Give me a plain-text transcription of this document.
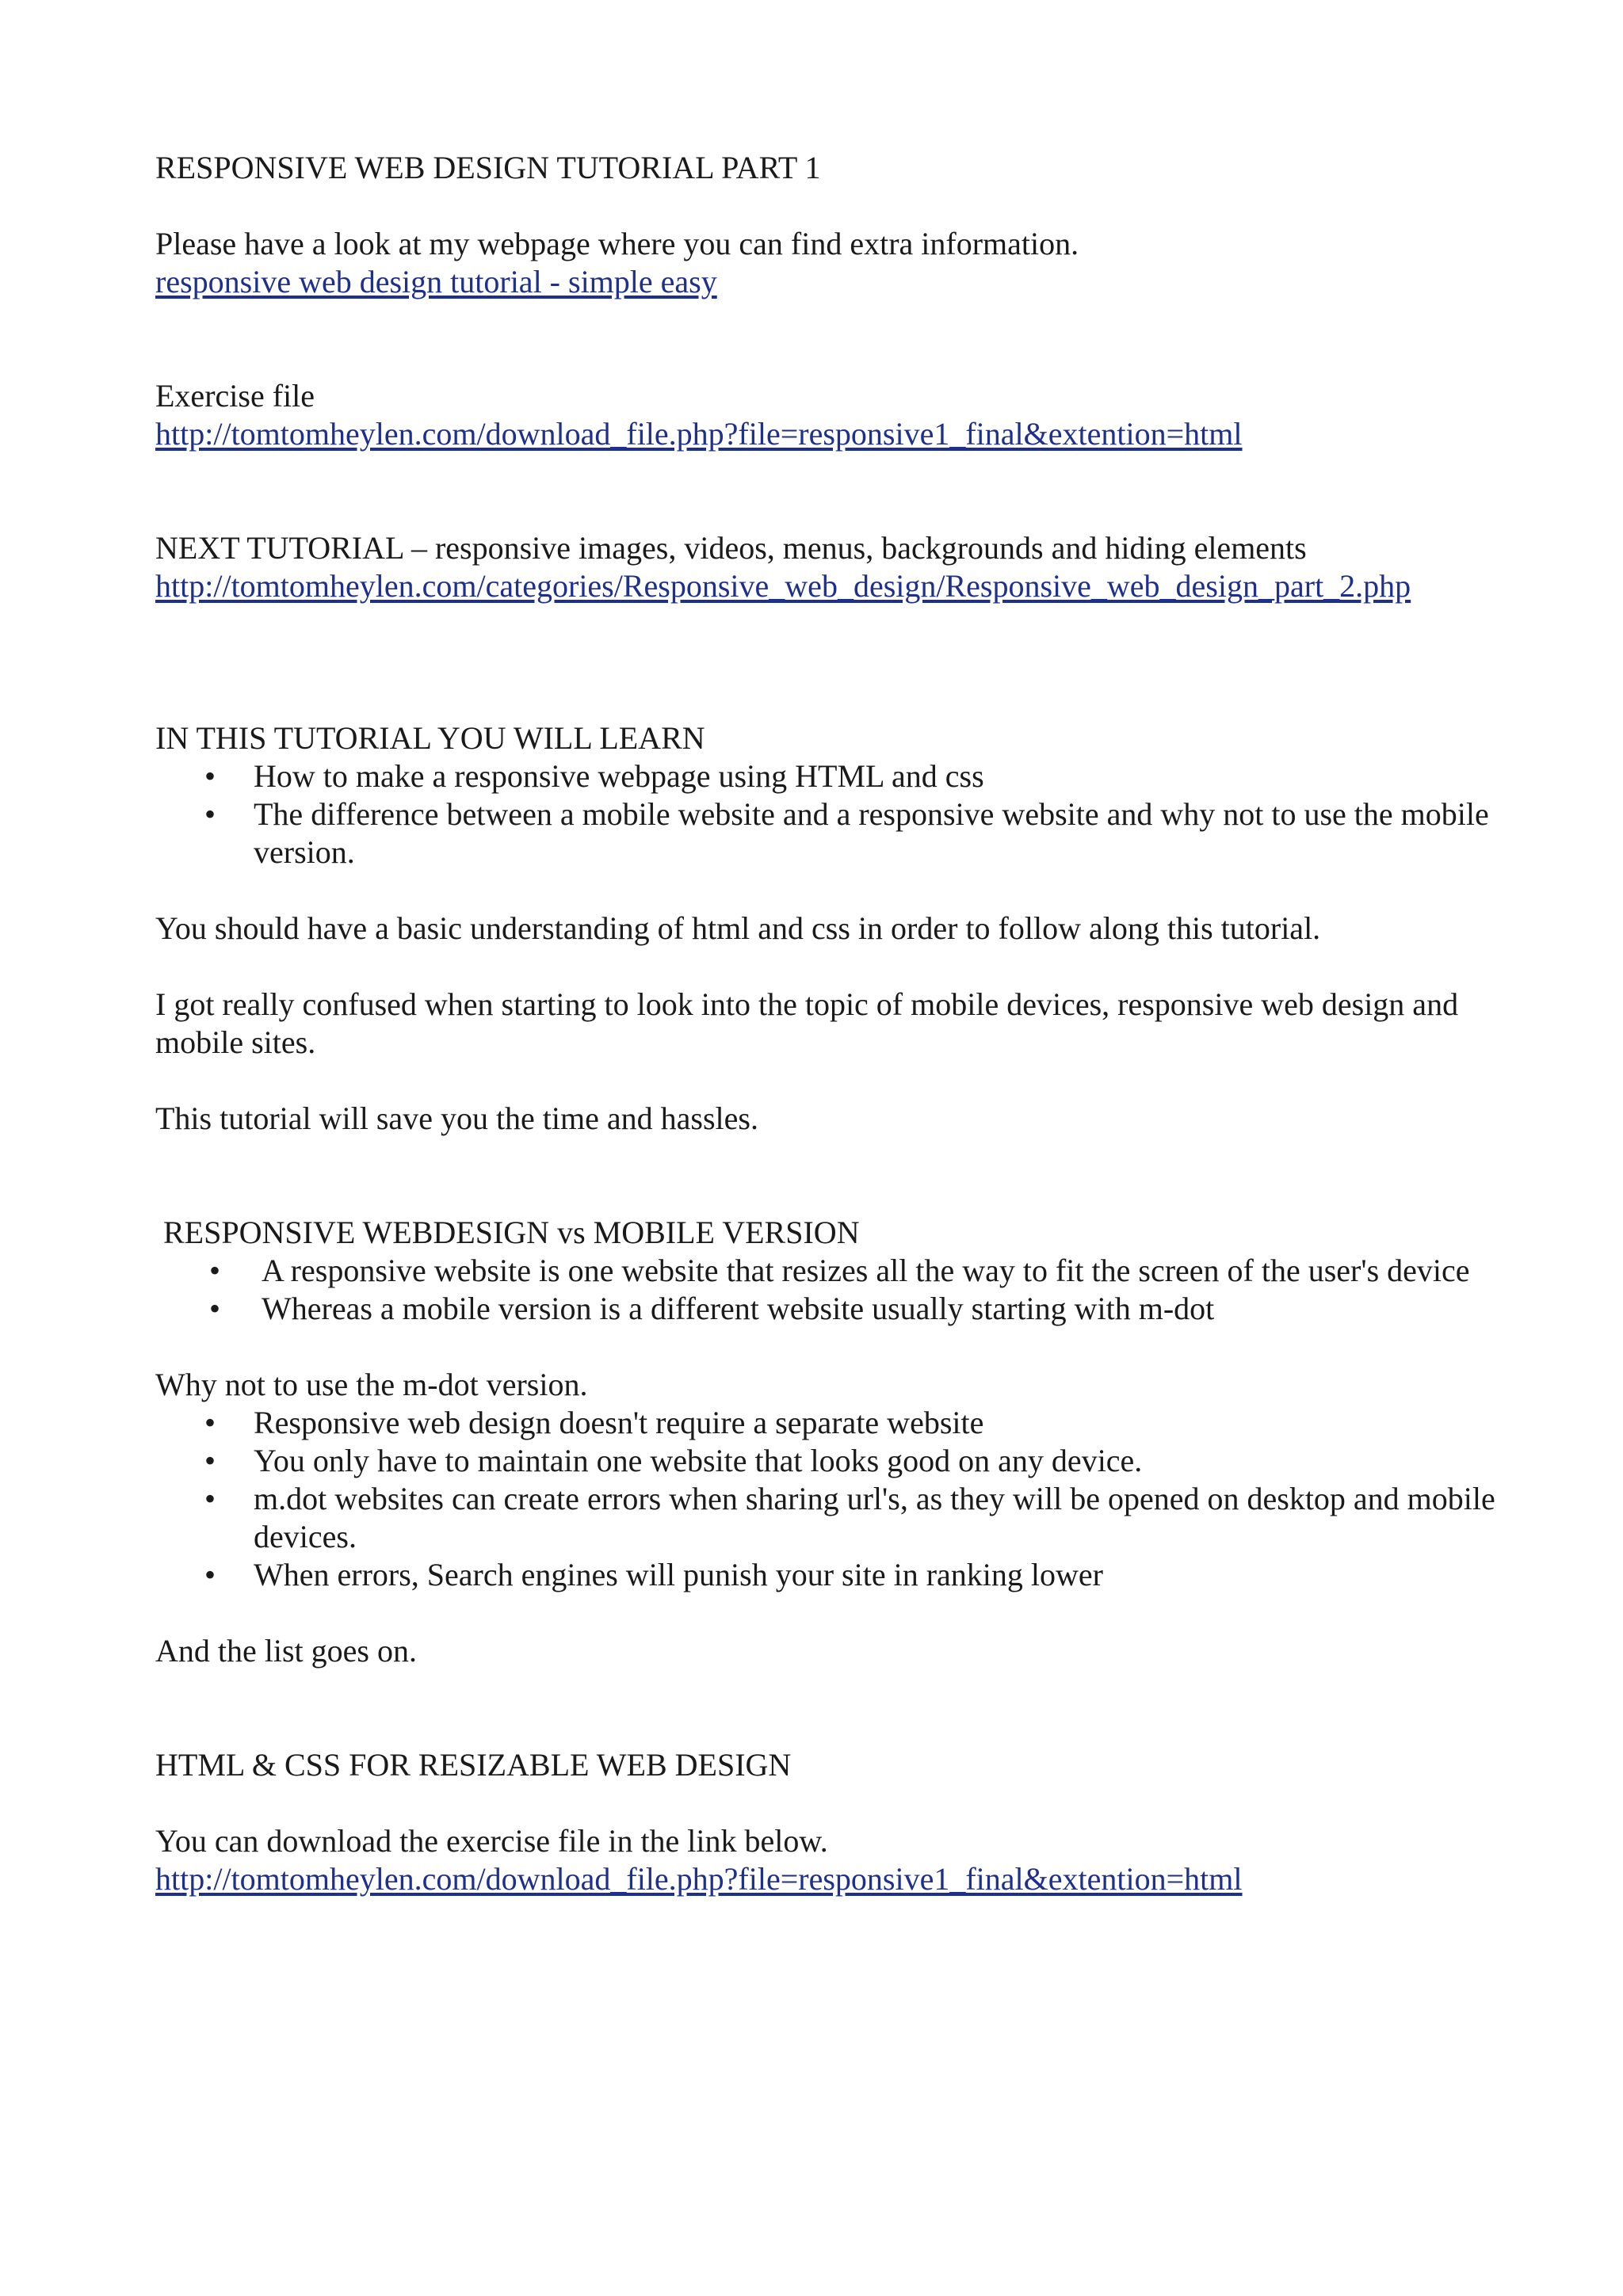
RESPONSIVE WEB DESIGN TUTORIAL PART 1

Please have a look at my webpage where you can find extra information.

responsive web design tutorial - simple easy

Exercise file

http://tomtomheylen.com/download_file.php?file=responsive1_final&extention=html

NEXT TUTORIAL – responsive images, videos, menus, backgrounds and hiding elements

http://tomtomheylen.com/categories/Responsive_web_design/Responsive_web_design_part_2.php

IN THIS TUTORIAL YOU WILL LEARN

• How to make a responsive webpage using HTML and css
• The difference between a mobile website and a responsive website and why not to use the mobile version.

You should have a basic understanding of html and css in order to follow along this tutorial.

I got really confused when starting to look into the topic of mobile devices, responsive web design and mobile sites.

This tutorial will save you the time and hassles.

RESPONSIVE WEBDESIGN vs MOBILE VERSION

• A responsive website is one website that resizes all the way to fit the screen of the user's device
• Whereas a mobile version is a different website usually starting with m-dot

Why not to use the m-dot version.

• Responsive web design doesn't require a separate website
• You only have to maintain one website that looks good on any device.
• m.dot websites can create errors when sharing url's, as they will be opened on desktop and mobile devices.
• When errors, Search engines will punish your site in ranking lower

And the list goes on.

HTML & CSS FOR RESIZABLE WEB DESIGN

You can download the exercise file in the link below.

http://tomtomheylen.com/download_file.php?file=responsive1_final&extention=html
